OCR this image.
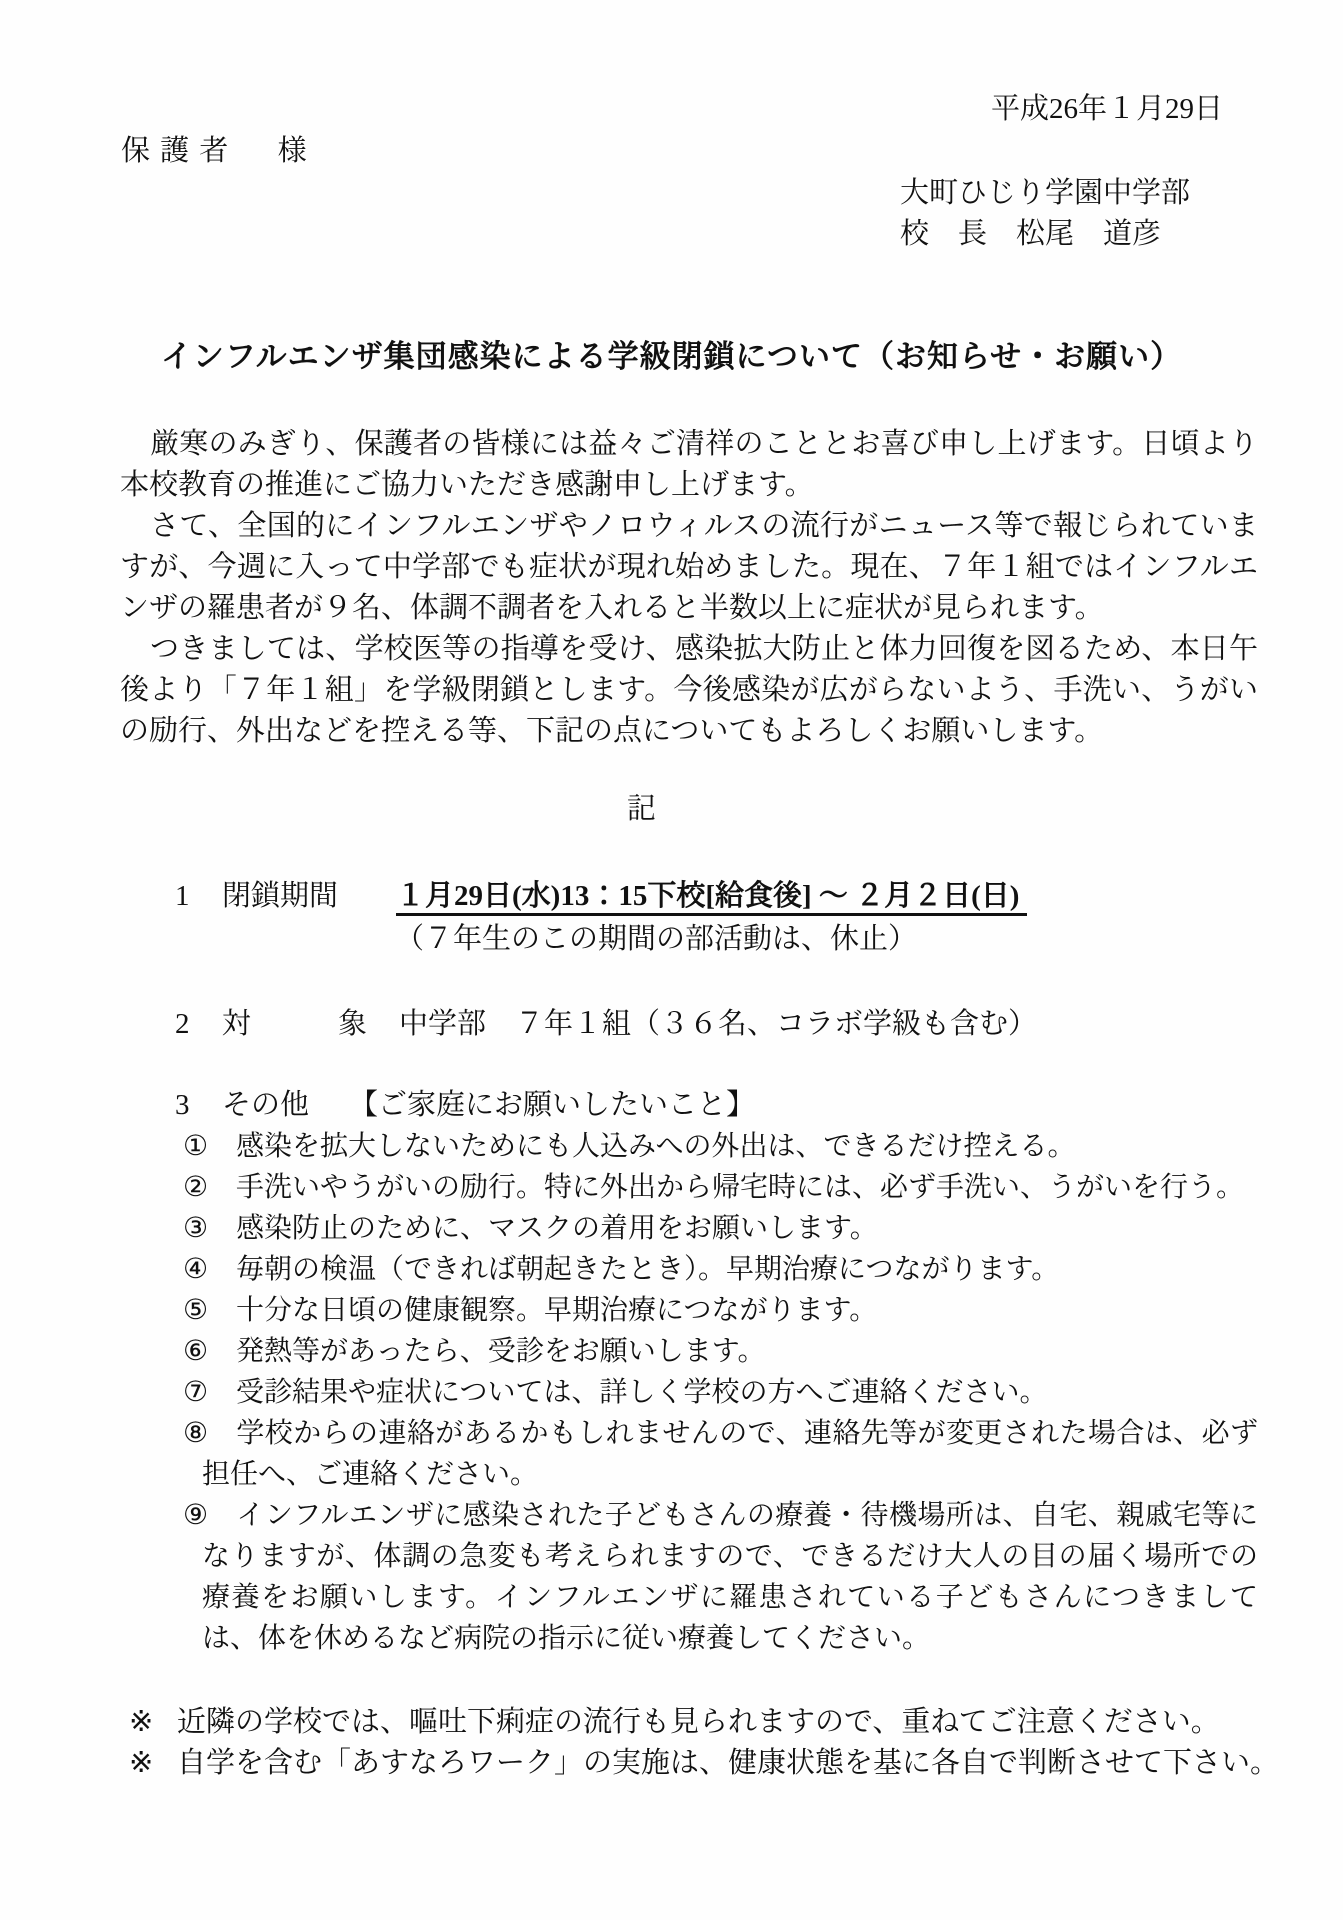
平成26年１月29日
保護者　様
大町ひじり学園中学部
校　長　松尾　道彦
インフルエンザ集団感染による学級閉鎖について（お知らせ・お願い）

厳寒のみぎり、保護者の皆様には益々ご清祥のこととお喜び申し上げます。日頃より本校教育の推進にご協力いただき感謝申し上げます。

さて、全国的にインフルエンザやノロウィルスの流行がニュース等で報じられていますが、今週に入って中学部でも症状が現れ始めました。現在、７年１組ではインフルエンザの羅患者が９名、体調不調者を入れると半数以上に症状が見られます。

つきましては、学校医等の指導を受け、感染拡大防止と体力回復を図るため、本日午後より「７年１組」を学級閉鎖とします。今後感染が広がらないよう、手洗い、うがいの励行、外出などを控える等、下記の点についてもよろしくお願いします。

記
1 閉鎖期間 １月29日(水)13：15下校[給食後] ～ ２月２日(日)
（７年生のこの期間の部活動は、休止）
2 対　　　象 中学部　７年１組（３６名、コラボ学級も含む）
3 その他 【ご家庭にお願いしたいこと】

① 感染を拡大しないためにも人込みへの外出は、できるだけ控える。

② 手洗いやうがいの励行。特に外出から帰宅時には、必ず手洗い、うがいを行う。

③ 感染防止のために、マスクの着用をお願いします。

④ 毎朝の検温（できれば朝起きたとき）。早期治療につながります。

⑤ 十分な日頃の健康観察。早期治療につながります。

⑥ 発熱等があったら、受診をお願いします。

⑦ 受診結果や症状については、詳しく学校の方へご連絡ください。

⑧ 学校からの連絡があるかもしれませんので、連絡先等が変更された場合は、必ず担任へ、ご連絡ください。

⑨ インフルエンザに感染された子どもさんの療養・待機場所は、自宅、親戚宅等になりますが、体調の急変も考えられますので、できるだけ大人の目の届く場所での療養をお願いします。インフルエンザに羅患されている子どもさんにつきましては、体を休めるなど病院の指示に従い療養してください。

※ 近隣の学校では、嘔吐下痢症の流行も見られますので、重ねてご注意ください。

※ 自学を含む「あすなろワーク」の実施は、健康状態を基に各自で判断させて下さい。
